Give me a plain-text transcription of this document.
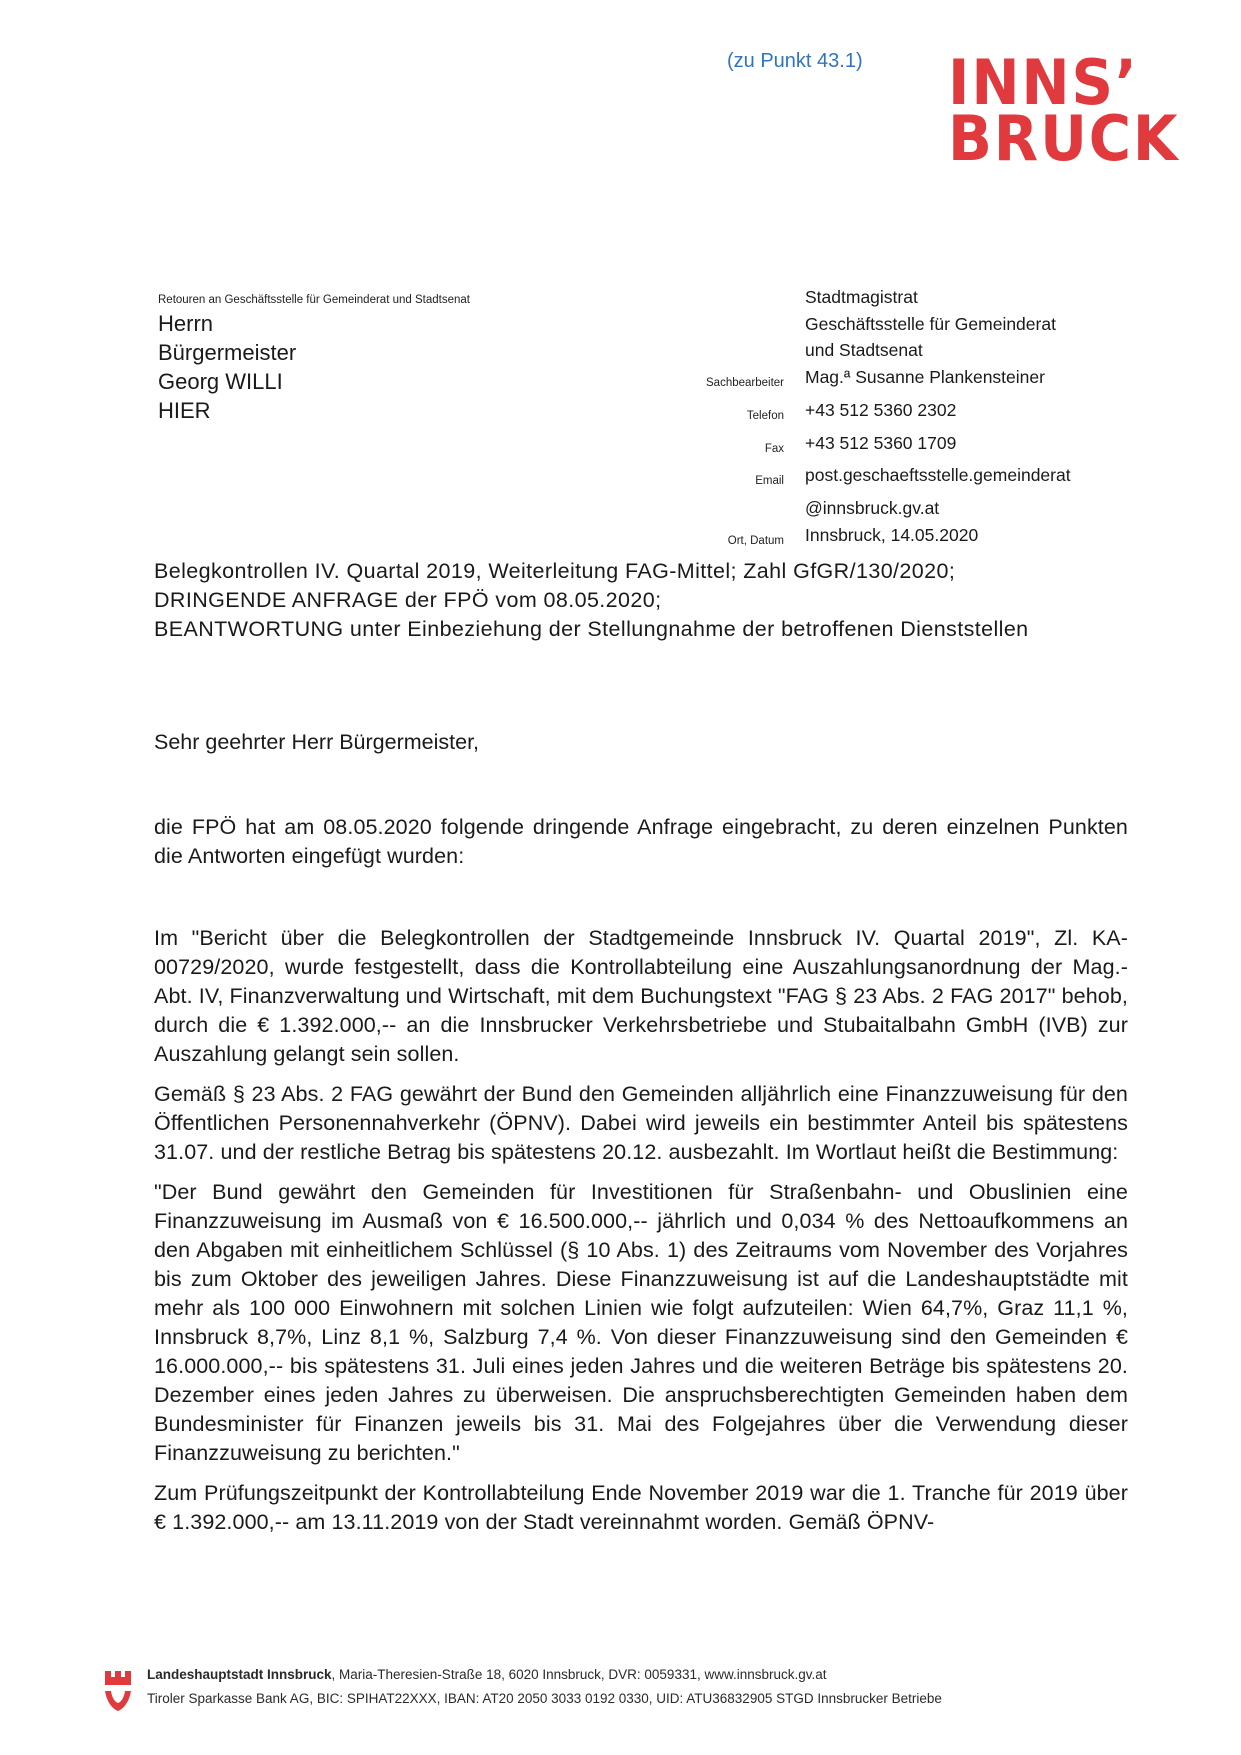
(zu Punkt 43.1) INNS’
BRUCK
Retouren an Geschäftsstelle für Gemeinderat und Stadtsenat
Herrn
Bürgermeister
Georg WILLI
HIER
Stadtmagistrat
Geschäftsstelle für Gemeinderat
und Stadtsenat
Sachbearbeiter	Mag.ª Susanne Plankensteiner
Telefon	+43 512 5360 2302
Fax	+43 512 5360 1709
Email	post.geschaeftsstelle.gemeinderat
@innsbruck.gv.at
Ort, Datum	Innsbruck, 14.05.2020
Belegkontrollen IV. Quartal 2019, Weiterleitung FAG-Mittel; Zahl GfGR/130/2020;
DRINGENDE ANFRAGE der FPÖ vom 08.05.2020;
BEANTWORTUNG unter Einbeziehung der Stellungnahme der betroffenen Dienststellen
Sehr geehrter Herr Bürgermeister,

die FPÖ hat am 08.05.2020 folgende dringende Anfrage eingebracht, zu deren einzelnen Punkten die Antworten eingefügt wurden:

Im "Bericht über die Belegkontrollen der Stadtgemeinde Innsbruck IV. Quartal 2019", Zl. KA-00729/2020, wurde festgestellt, dass die Kontrollabteilung eine Auszahlungsanordnung der Mag.-Abt. IV, Finanzverwaltung und Wirtschaft, mit dem Buchungstext "FAG § 23 Abs. 2 FAG 2017" behob, durch die € 1.392.000,-- an die Innsbrucker Verkehrsbetriebe und Stubaitalbahn GmbH (IVB) zur Auszahlung gelangt sein sollen.

Gemäß § 23 Abs. 2 FAG gewährt der Bund den Gemeinden alljährlich eine Finanzzuweisung für den Öffentlichen Personennahverkehr (ÖPNV). Dabei wird jeweils ein bestimmter Anteil bis spätestens 31.07. und der restliche Betrag bis spätestens 20.12. ausbezahlt. Im Wortlaut heißt die Bestimmung:

"Der Bund gewährt den Gemeinden für Investitionen für Straßenbahn- und Obuslinien eine Finanzzuweisung im Ausmaß von € 16.500.000,-- jährlich und 0,034 % des Nettoaufkommens an den Abgaben mit einheitlichem Schlüssel (§ 10 Abs. 1) des Zeitraums vom November des Vorjahres bis zum Oktober des jeweiligen Jahres. Diese Finanzzuweisung ist auf die Landeshauptstädte mit mehr als 100 000 Einwohnern mit solchen Linien wie folgt aufzuteilen: Wien 64,7%, Graz 11,1 %, Innsbruck 8,7%, Linz 8,1 %, Salzburg 7,4 %. Von dieser Finanzzuweisung sind den Gemeinden € 16.000.000,-- bis spätestens 31. Juli eines jeden Jahres und die weiteren Beträge bis spätestens 20. Dezember eines jeden Jahres zu überweisen. Die anspruchsberechtigten Gemeinden haben dem Bundesminister für Finanzen jeweils bis 31. Mai des Folgejahres über die Verwendung dieser Finanzzuweisung zu berichten."

Zum Prüfungszeitpunkt der Kontrollabteilung Ende November 2019 war die 1. Tranche für 2019 über € 1.392.000,-- am 13.11.2019 von der Stadt vereinnahmt worden. Gemäß ÖPNV-

Landeshauptstadt Innsbruck, Maria-Theresien-Straße 18, 6020 Innsbruck, DVR: 0059331, www.innsbruck.gv.at
Tiroler Sparkasse Bank AG, BIC: SPIHAT22XXX, IBAN: AT20 2050 3033 0192 0330, UID: ATU36832905 STGD Innsbrucker Betriebe
